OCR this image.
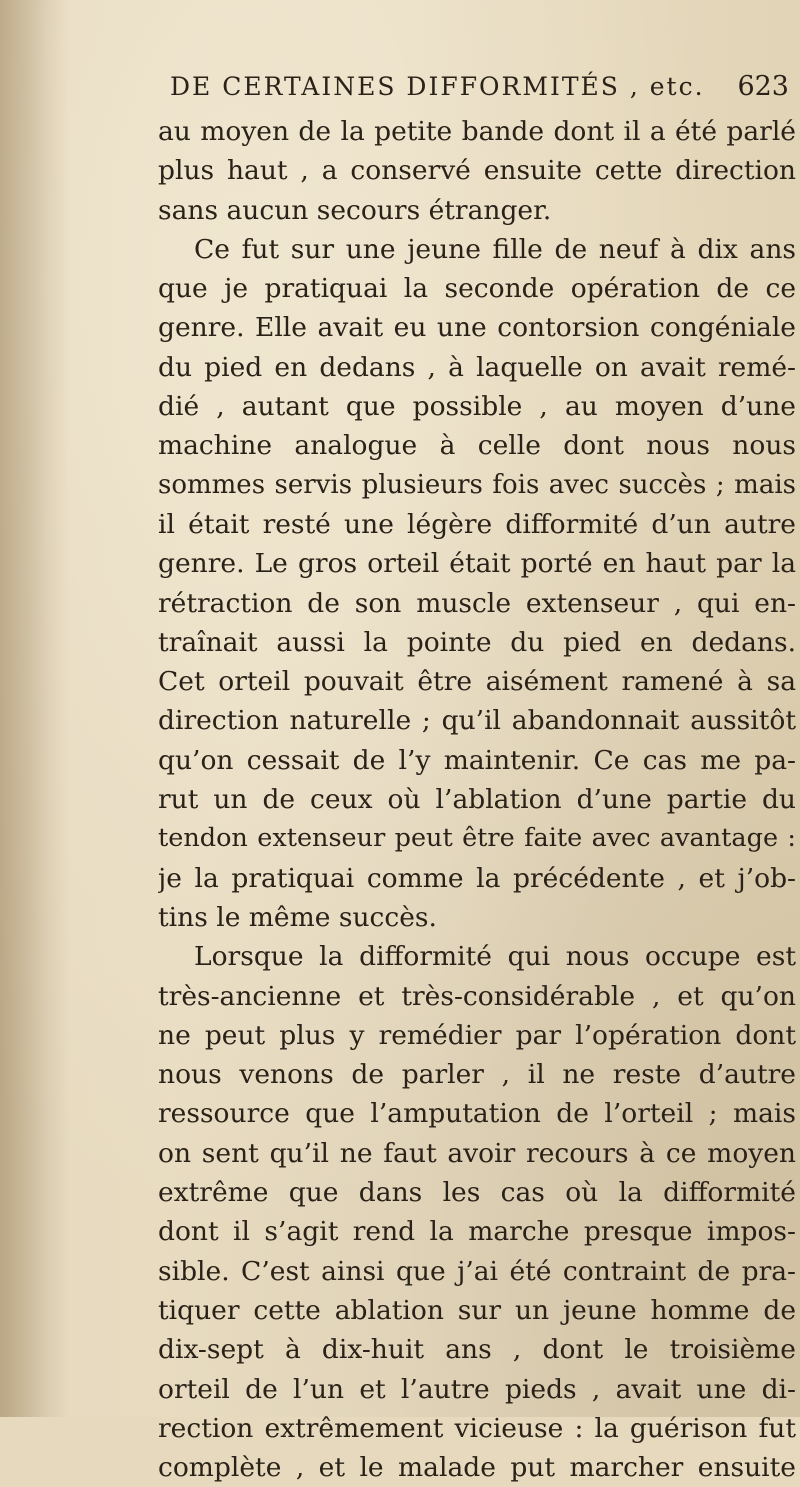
DE CERTAINES DIFFORMITÉS , etc. 623
au moyen de la petite bande dont il a été parlé
plus haut , a conservé ensuite cette direction
sans aucun secours étranger.
Ce fut sur une jeune fille de neuf à dix ans
que je pratiquai la seconde opération de ce
genre. Elle avait eu une contorsion congéniale
du pied en dedans , à laquelle on avait remé-
dié , autant que possible , au moyen d’une
machine analogue à celle dont nous nous
sommes servis plusieurs fois avec succès ; mais
il était resté une légère difformité d’un autre
genre. Le gros orteil était porté en haut par la
rétraction de son muscle extenseur , qui en-
traînait aussi la pointe du pied en dedans.
Cet orteil pouvait être aisément ramené à sa
direction naturelle ; qu’il abandonnait aussitôt
qu’on cessait de l’y maintenir. Ce cas me pa-
rut un de ceux où l’ablation d’une partie du
tendon extenseur peut être faite avec avantage :
je la pratiquai comme la précédente , et j’ob-
tins le même succès.
Lorsque la difformité qui nous occupe est
très-ancienne et très-considérable , et qu’on
ne peut plus y remédier par l’opération dont
nous venons de parler , il ne reste d’autre
ressource que l’amputation de l’orteil ; mais
on sent qu’il ne faut avoir recours à ce moyen
extrême que dans les cas où la difformité
dont il s’agit rend la marche presque impos-
sible. C’est ainsi que j’ai été contraint de pra-
tiquer cette ablation sur un jeune homme de
dix-sept à dix-huit ans , dont le troisième
orteil de l’un et l’autre pieds , avait une di-
rection extrêmement vicieuse : la guérison fut
complète , et le malade put marcher ensuite
